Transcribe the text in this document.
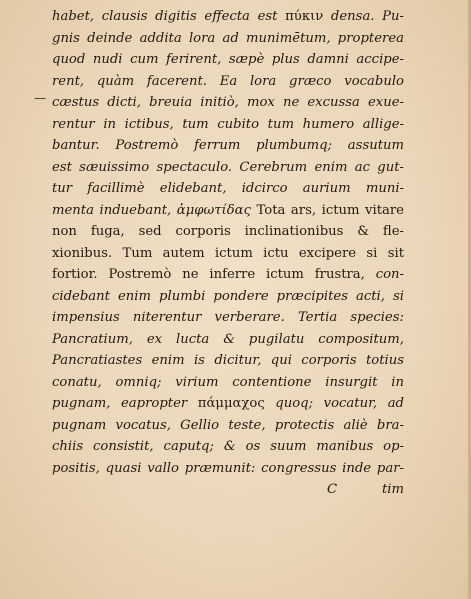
—
habet, clausis digitis effecta est πύκιν densa. Pu-
gnis deinde addita lora ad munimētum, propterea
quod nudi cum ferirent, sæpè plus damni accipe-
rent, quàm facerent. Ea lora græco vocabulo
cæstus dicti, breuia initiò, mox ne excussa exue-
rentur in ictibus, tum cubito tum humero allige-
bantur. Postremò ferrum plumbumq; assutum
est sæuissimo spectaculo. Cerebrum enim ac gut-
tur facillimè elidebant, idcirco aurium muni-
menta induebant, ἀμφωτίδας Tota ars, ictum vitare
non fuga, sed corporis inclinationibus & fle-
xionibus. Tum autem ictum ictu excipere si sit
fortior. Postremò ne inferre ictum frustra, con-
cidebant enim plumbi pondere præcipites acti, si
impensius niterentur verberare. Tertia species:
Pancratium, ex lucta & pugilatu compositum,
Pancratiastes enim is dicitur, qui corporis totius
conatu, omniq; virium contentione insurgit in
pugnam, eapropter πάμμαχος quoq; vocatur, ad
pugnam vocatus, Gellio teste, protectis aliè bra-
chiis consistit, caputq; & os suum manibus op-
positis, quasi vallo præmunit: congressus inde par-
C	tim
